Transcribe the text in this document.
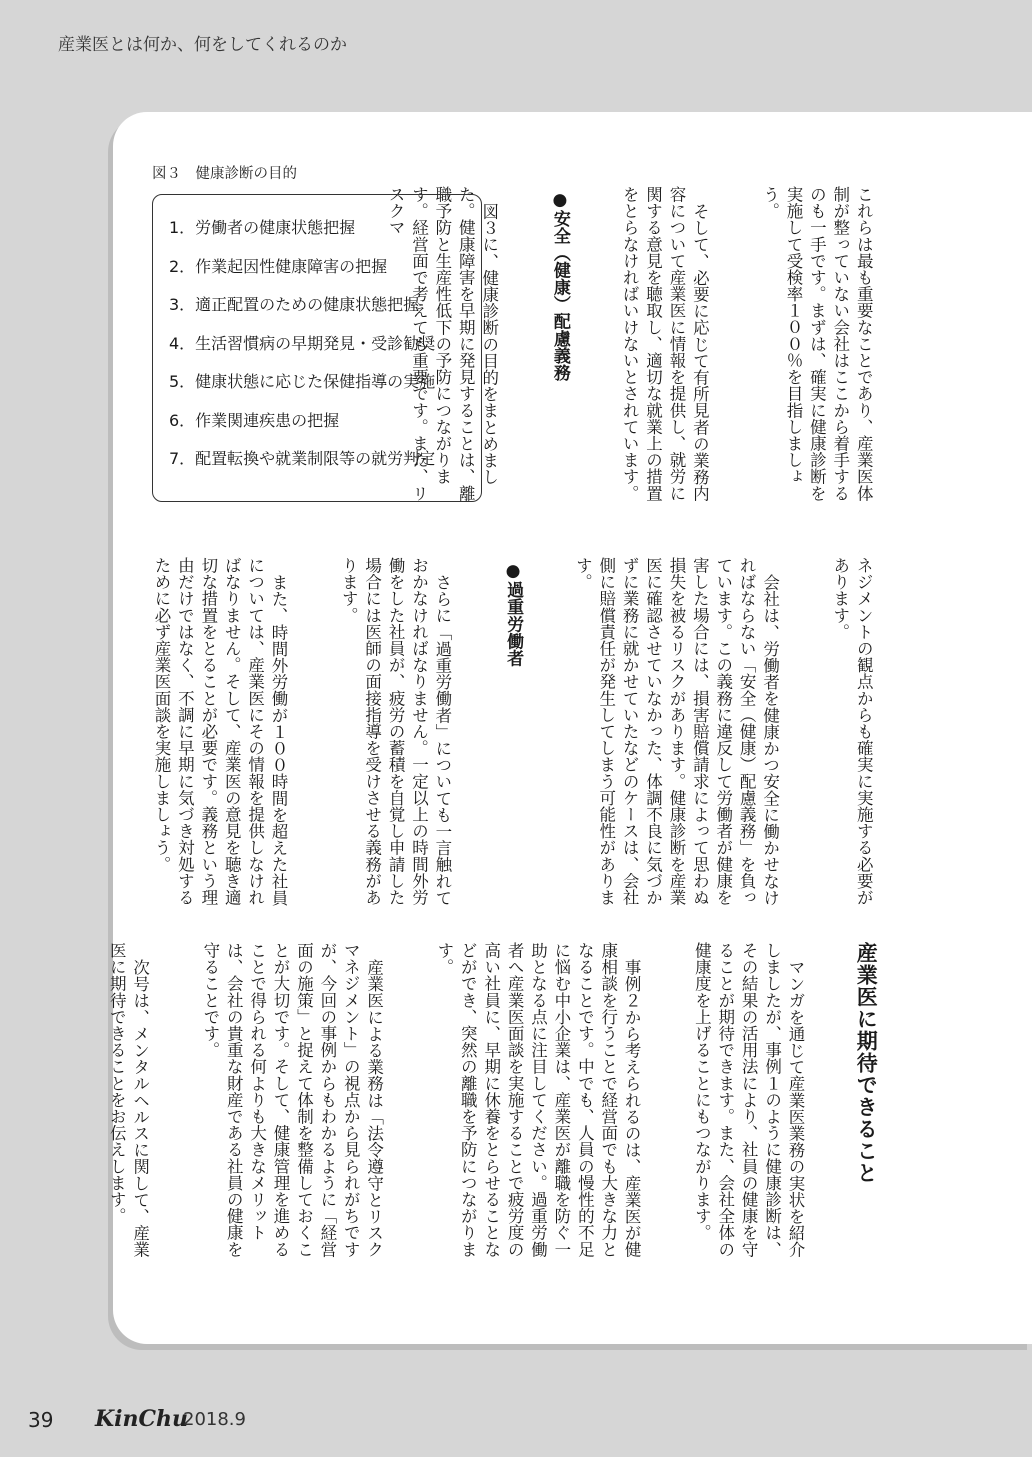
産業医とは何か、何をしてくれるのか

これらは最も重要なことであり、産業医体制が整っていない会社はここから着手するのも一手です。まずは、確実に健康診断を実施して受検率１００％を目指しましょう。

そして、必要に応じて有所見者の業務内容について産業医に情報を提供し、就労に関する意見を聴取し、適切な就業上の措置をとらなければいけないとされています。

●安全（健康）配慮義務

図３に、健康診断の目的をまとめました。健康障害を早期に発見することは、離職予防と生産性低下の予防につながります。経営面で考えても重要です。また、リスクマ

図３　健康診断の目的
1．労働者の健康状態把握
2．作業起因性健康障害の把握
3．適正配置のための健康状態把握
4．生活習慣病の早期発見・受診勧奨
5．健康状態に応じた保健指導の実施
6．作業関連疾患の把握
7．配置転換や就業制限等の就労判定

ネジメントの観点からも確実に実施する必要があります。

会社は、労働者を健康かつ安全に働かせなければならない「安全（健康）配慮義務」を負っています。この義務に違反して労働者が健康を害した場合には、損害賠償請求によって思わぬ損失を被るリスクがあります。健康診断を産業医に確認させていなかった、体調不良に気づかずに業務に就かせていたなどのケースは、会社側に賠償責任が発生してしまう可能性があります。

●過重労働者

さらに「過重労働者」についても一言触れておかなければなりません。一定以上の時間外労働をした社員が、疲労の蓄積を自覚し申請した場合には医師の面接指導を受けさせる義務があります。

また、時間外労働が１００時間を超えた社員については、産業医にその情報を提供しなければなりません。そして、産業医の意見を聴き適切な措置をとることが必要です。義務という理由だけではなく、不調に早期に気づき対処するために必ず産業医面談を実施しましょう。

産業医に期待できること

マンガを通じて産業医業務の実状を紹介しましたが、事例１のように健康診断は、その結果の活用法により、社員の健康を守ることが期待できます。また、会社全体の健康度を上げることにもつながります。

事例２から考えられるのは、産業医が健康相談を行うことで経営面でも大きな力となることです。中でも、人員の慢性的不足に悩む中小企業は、産業医が離職を防ぐ一助となる点に注目してください。過重労働者へ産業医面談を実施することで疲労度の高い社員に、早期に休養をとらせることなどができ、突然の離職を予防につながります。

産業医による業務は「法令遵守とリスクマネジメント」の視点から見られがちですが、今回の事例からもわかるように「経営面の施策」と捉えて体制を整備しておくことが大切です。そして、健康管理を進めることで得られる何よりも大きなメリットは、会社の貴重な財産である社員の健康を守ることです。

次号は、メンタルヘルスに関して、産業医に期待できることをお伝えします。

39 KinChu
2018.9
